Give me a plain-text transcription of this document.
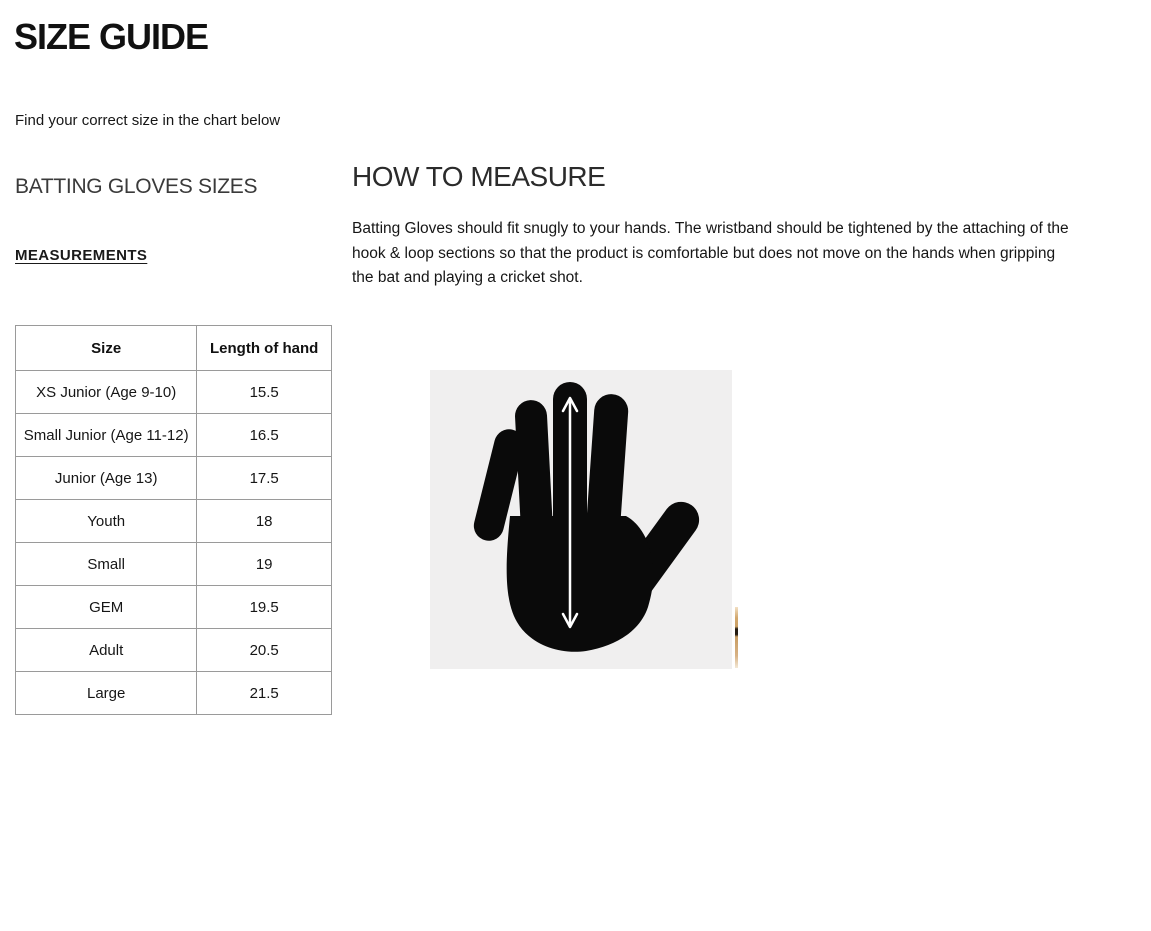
SIZE GUIDE

Find your correct size in the chart below

BATTING GLOVES SIZES
MEASUREMENTS
Size	Length of hand
XS Junior (Age 9-10)	15.5
Small Junior (Age 11-12)	16.5
Junior (Age 13)	17.5
Youth	18
Small	19
GEM	19.5
Adult	20.5
Large	21.5
HOW TO MEASURE
Batting Gloves should fit snugly to your hands. The wristband should be tightened by the attaching of the
hook & loop sections so that the product is comfortable but does not move on the hands when gripping
the bat and playing a cricket shot.
